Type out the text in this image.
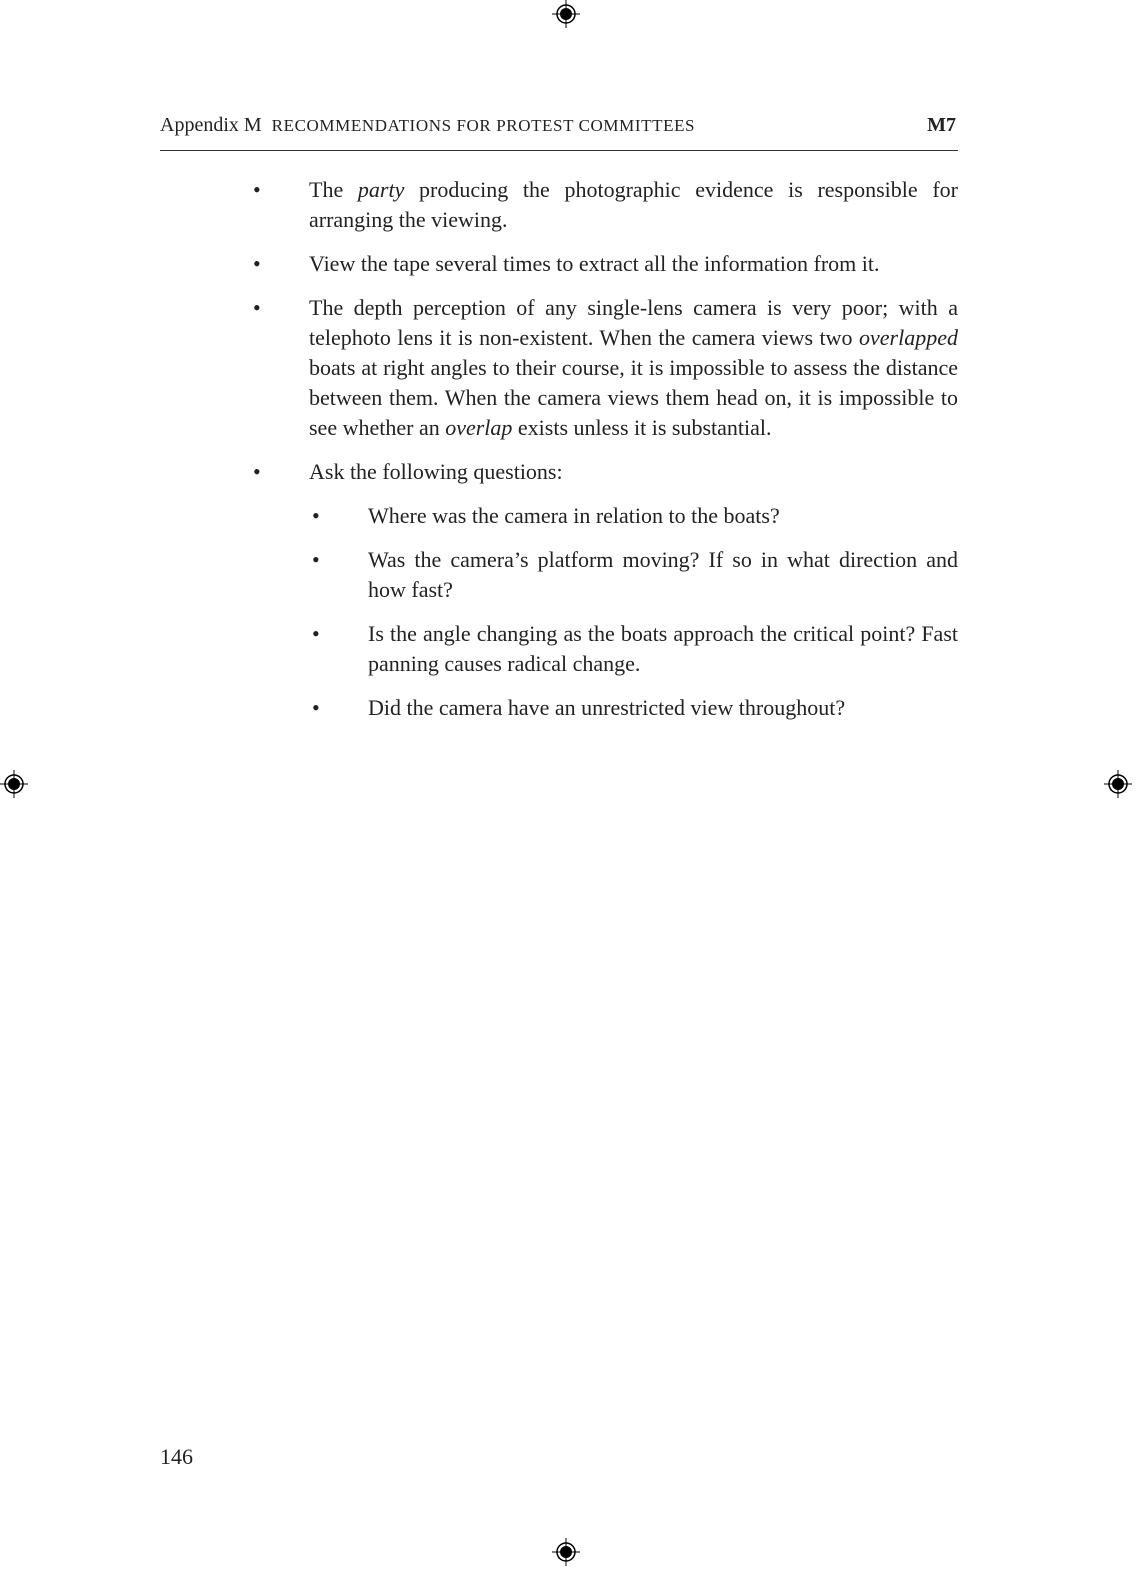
Appendix M RECOMMENDATIONS FOR PROTEST COMMITTEES	M7
• The party producing the photographic evidence is responsible for arranging the viewing.
• View the tape several times to extract all the information from it.
• The depth perception of any single-lens camera is very poor; with a telephoto lens it is non-existent. When the camera views two overlapped boats at right angles to their course, it is impossible to assess the distance between them. When the camera views them head on, it is impossible to see whether an overlap exists unless it is substantial.
• Ask the following questions:
• Where was the camera in relation to the boats?
• Was the camera’s platform moving? If so in what direction and how fast?
• Is the angle changing as the boats approach the critical point? Fast panning causes radical change.
• Did the camera have an unrestricted view throughout?
146
